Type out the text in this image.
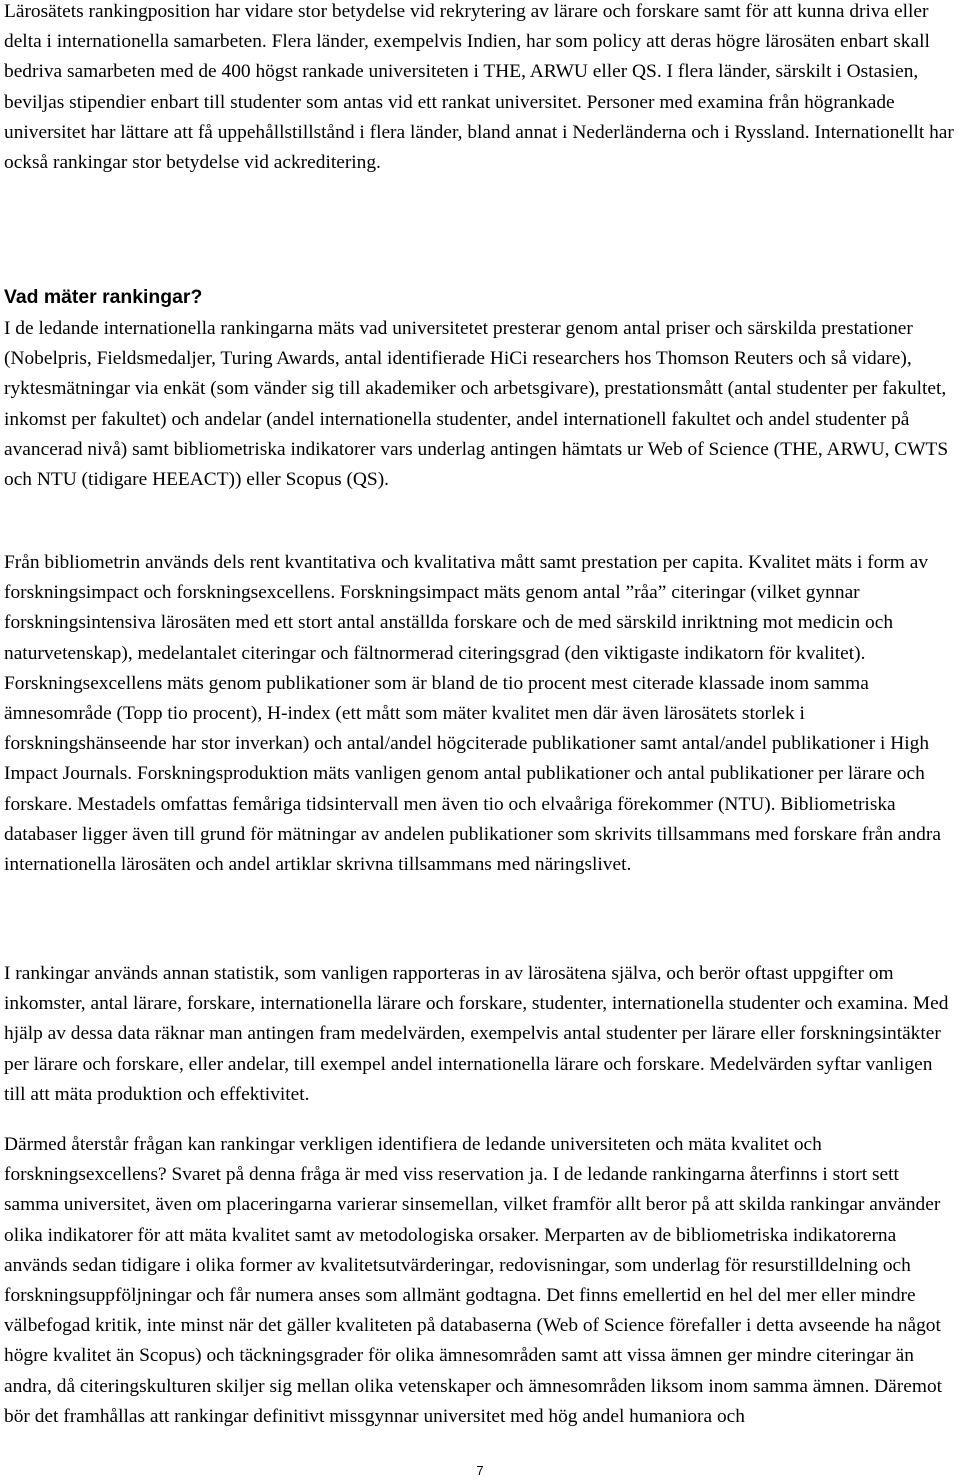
Lärosätets rankingposition har vidare stor betydelse vid rekrytering av lärare och forskare samt för att kunna driva eller delta i internationella samarbeten. Flera länder, exempelvis Indien, har som policy att deras högre lärosäten enbart skall bedriva samarbeten med de 400 högst rankade universiteten i THE, ARWU eller QS. I flera länder, särskilt i Ostasien, beviljas stipendier enbart till studenter som antas vid ett rankat universitet. Personer med examina från högrankade universitet har lättare att få uppehållstillstånd i flera länder, bland annat i Nederländerna och i Ryssland. Internationellt har också rankingar stor betydelse vid ackreditering.

Vad mäter rankingar?

I de ledande internationella rankingarna mäts vad universitetet presterar genom antal priser och särskilda prestationer (Nobelpris, Fieldsmedaljer, Turing Awards, antal identifierade HiCi researchers hos Thomson Reuters och så vidare), ryktesmätningar via enkät (som vänder sig till akademiker och arbetsgivare), prestationsmått (antal studenter per fakultet, inkomst per fakultet) och andelar (andel internationella studenter, andel internationell fakultet och andel studenter på avancerad nivå) samt bibliometriska indikatorer vars underlag antingen hämtats ur Web of Science (THE, ARWU, CWTS och NTU (tidigare HEEACT)) eller Scopus (QS).

Från bibliometrin används dels rent kvantitativa och kvalitativa mått samt prestation per capita. Kvalitet mäts i form av forskningsimpact och forskningsexcellens. Forskningsimpact mäts genom antal ”råa” citeringar (vilket gynnar forskningsintensiva lärosäten med ett stort antal anställda forskare och de med särskild inriktning mot medicin och naturvetenskap), medelantalet citeringar och fältnormerad citeringsgrad (den viktigaste indikatorn för kvalitet). Forskningsexcellens mäts genom publikationer som är bland de tio procent mest citerade klassade inom samma ämnesområde (Topp tio procent), H-index (ett mått som mäter kvalitet men där även lärosätets storlek i forskningshänseende har stor inverkan) och antal/andel högciterade publikationer samt antal/andel publikationer i High Impact Journals. Forskningsproduktion mäts vanligen genom antal publikationer och antal publikationer per lärare och forskare. Mestadels omfattas femåriga tidsintervall men även tio och elvaåriga förekommer (NTU). Bibliometriska databaser ligger även till grund för mätningar av andelen publikationer som skrivits tillsammans med forskare från andra internationella lärosäten och andel artiklar skrivna tillsammans med näringslivet.

I rankingar används annan statistik, som vanligen rapporteras in av lärosätena själva, och berör oftast uppgifter om inkomster, antal lärare, forskare, internationella lärare och forskare, studenter, internationella studenter och examina. Med hjälp av dessa data räknar man antingen fram medelvärden, exempelvis antal studenter per lärare eller forskningsintäkter per lärare och forskare, eller andelar, till exempel andel internationella lärare och forskare. Medelvärden syftar vanligen till att mäta produktion och effektivitet.

Därmed återstår frågan kan rankingar verkligen identifiera de ledande universiteten och mäta kvalitet och forskningsexcellens? Svaret på denna fråga är med viss reservation ja. I de ledande rankingarna återfinns i stort sett samma universitet, även om placeringarna varierar sinsemellan, vilket framför allt beror på att skilda rankingar använder olika indikatorer för att mäta kvalitet samt av metodologiska orsaker. Merparten av de bibliometriska indikatorerna används sedan tidigare i olika former av kvalitetsutvärderingar, redovisningar, som underlag för resurstilldelning och forskningsuppföljningar och får numera anses som allmänt godtagna. Det finns emellertid en hel del mer eller mindre välbefogad kritik, inte minst när det gäller kvaliteten på databaserna (Web of Science förefaller i detta avseende ha något högre kvalitet än Scopus) och täckningsgrader för olika ämnesområden samt att vissa ämnen ger mindre citeringar än andra, då citeringskulturen skiljer sig mellan olika vetenskaper och ämnesområden liksom inom samma ämnen. Däremot bör det framhållas att rankingar definitivt missgynnar universitet med hög andel humaniora och

7
